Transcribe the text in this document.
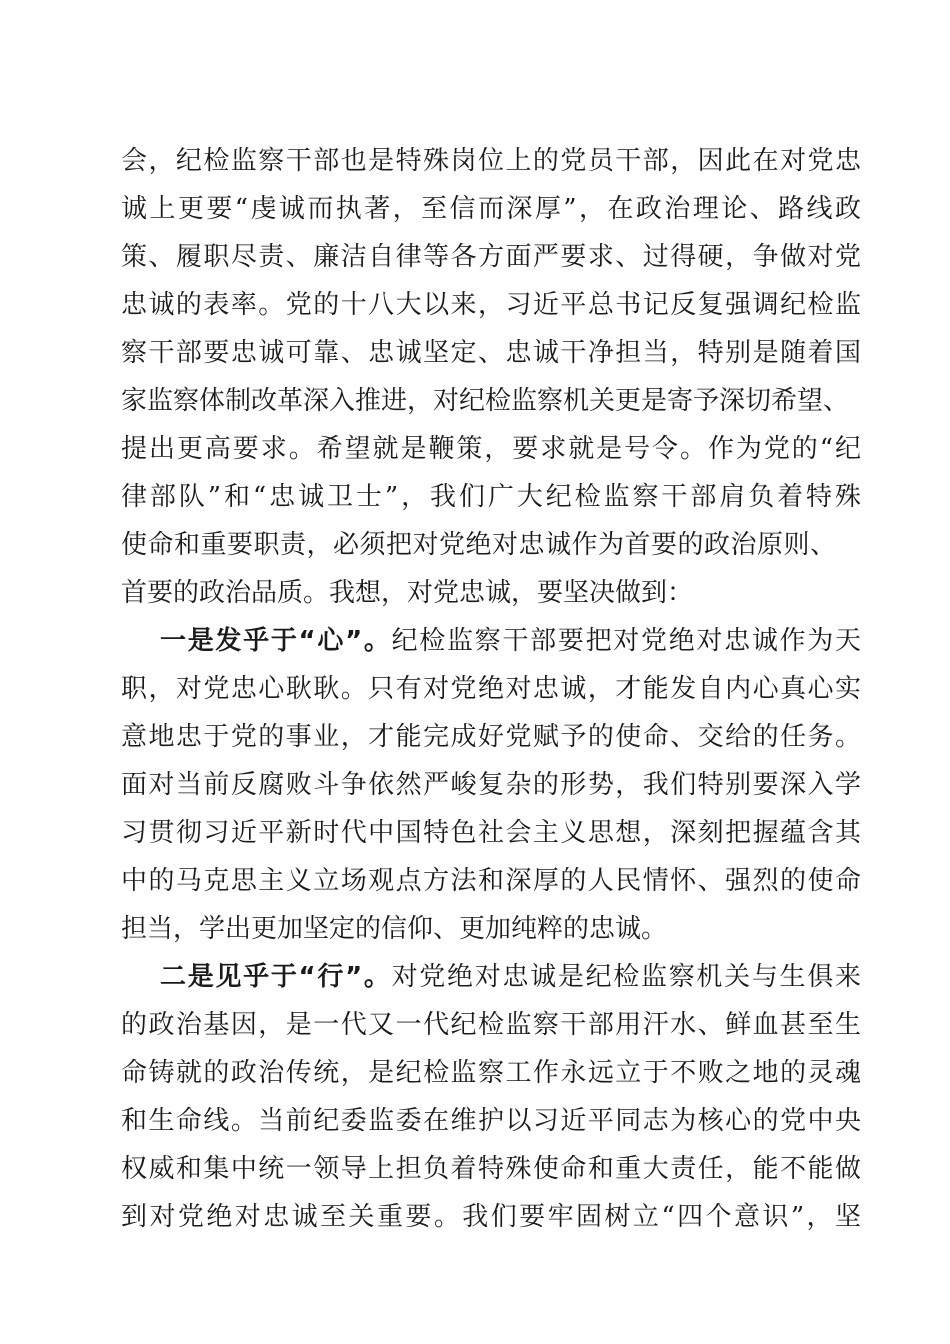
会，纪检监察干部也是特殊岗位上的党员干部，因此在对党忠
诚上更要“虔诚而执著，至信而深厚”，在政治理论、路线政
策、履职尽责、廉洁自律等各方面严要求、过得硬，争做对党
忠诚的表率。党的十八大以来，习近平总书记反复强调纪检监
察干部要忠诚可靠、忠诚坚定、忠诚干净担当，特别是随着国
家监察体制改革深入推进，对纪检监察机关更是寄予深切希望、
提出更高要求。希望就是鞭策，要求就是号令。作为党的“纪
律部队”和“忠诚卫士”，我们广大纪检监察干部肩负着特殊
使命和重要职责，必须把对党绝对忠诚作为首要的政治原则、
首要的政治品质。我想，对党忠诚，要坚决做到：
一是发乎于“心”。纪检监察干部要把对党绝对忠诚作为天
职，对党忠心耿耿。只有对党绝对忠诚，才能发自内心真心实
意地忠于党的事业，才能完成好党赋予的使命、交给的任务。
面对当前反腐败斗争依然严峻复杂的形势，我们特别要深入学
习贯彻习近平新时代中国特色社会主义思想，深刻把握蕴含其
中的马克思主义立场观点方法和深厚的人民情怀、强烈的使命
担当，学出更加坚定的信仰、更加纯粹的忠诚。
二是见乎于“行”。对党绝对忠诚是纪检监察机关与生俱来
的政治基因，是一代又一代纪检监察干部用汗水、鲜血甚至生
命铸就的政治传统，是纪检监察工作永远立于不败之地的灵魂
和生命线。当前纪委监委在维护以习近平同志为核心的党中央
权威和集中统一领导上担负着特殊使命和重大责任，能不能做
到对党绝对忠诚至关重要。我们要牢固树立“四个意识”，坚
